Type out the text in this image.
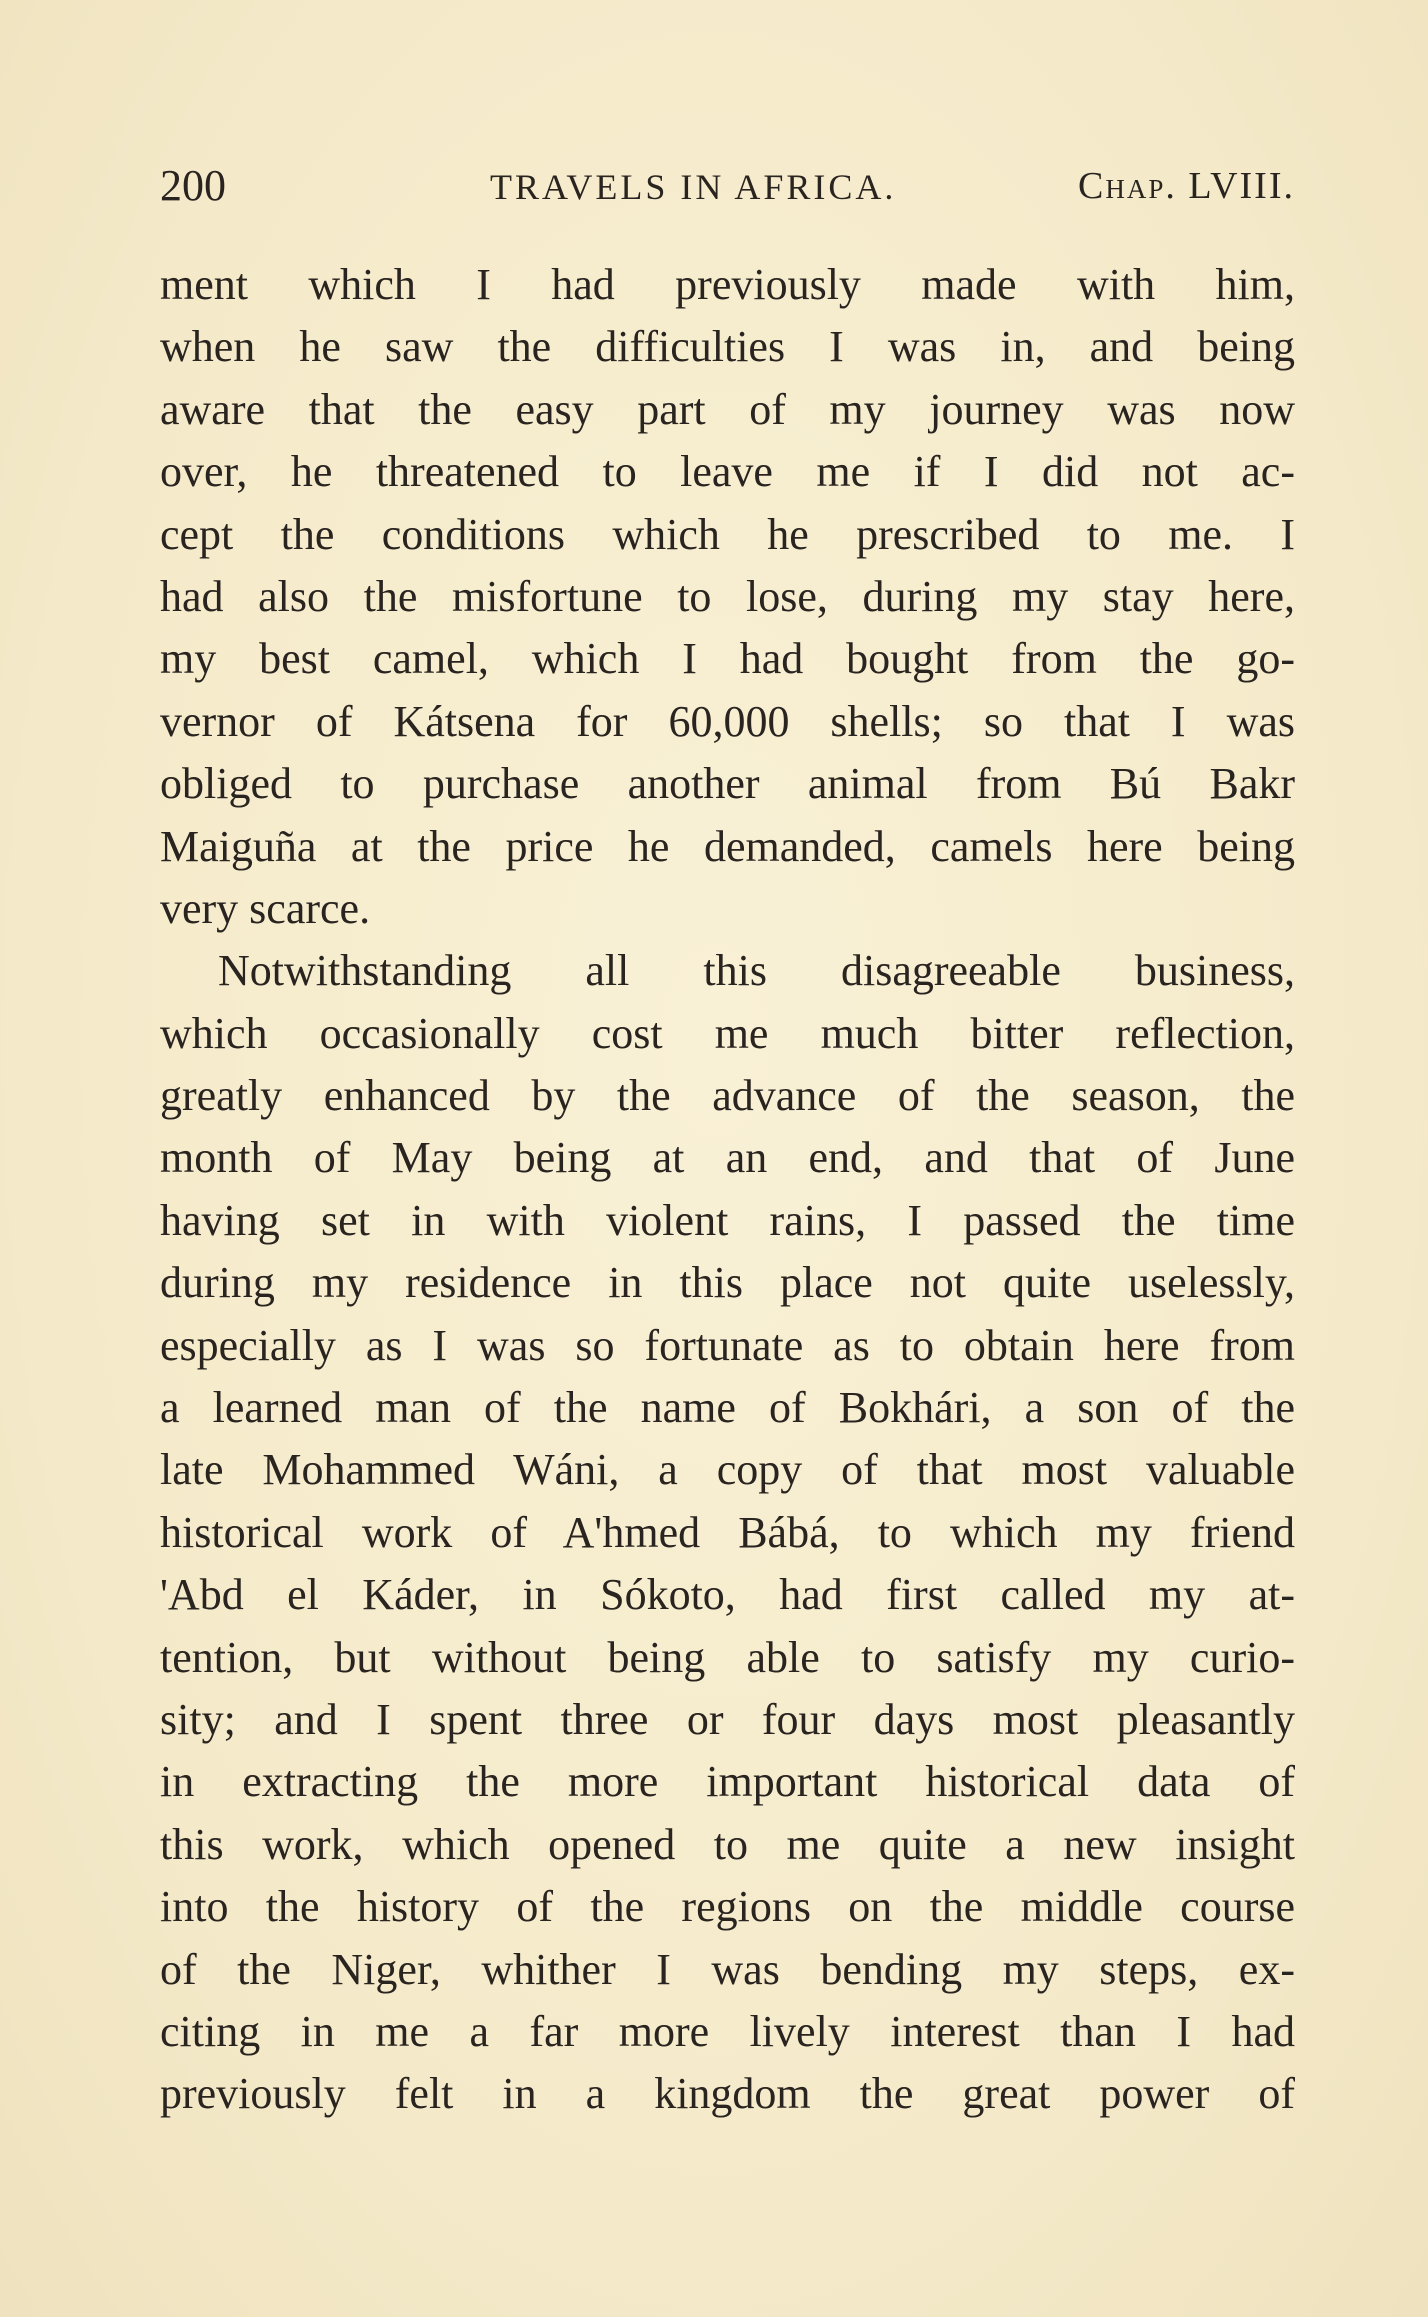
200	TRAVELS IN AFRICA.	Chap. LVIII.
ment which I had previously made with him,
when he saw the difficulties I was in, and being
aware that the easy part of my journey was now
over, he threatened to leave me if I did not ac-
cept the conditions which he prescribed to me. I
had also the misfortune to lose, during my stay here,
my best camel, which I had bought from the go-
vernor of Kátsena for 60,000 shells; so that I was
obliged to purchase another animal from Bú Bakr
Maiguña at the price he demanded, camels here being
very scarce.
Notwithstanding all this disagreeable business,
which occasionally cost me much bitter reflection,
greatly enhanced by the advance of the season, the
month of May being at an end, and that of June
having set in with violent rains, I passed the time
during my residence in this place not quite uselessly,
especially as I was so fortunate as to obtain here from
a learned man of the name of Bokhári, a son of the
late Mohammed Wáni, a copy of that most valuable
historical work of A'hmed Bábá, to which my friend
'Abd el Káder, in Sókoto, had first called my at-
tention, but without being able to satisfy my curio-
sity; and I spent three or four days most pleasantly
in extracting the more important historical data of
this work, which opened to me quite a new insight
into the history of the regions on the middle course
of the Niger, whither I was bending my steps, ex-
citing in me a far more lively interest than I had
previously felt in a kingdom the great power of
